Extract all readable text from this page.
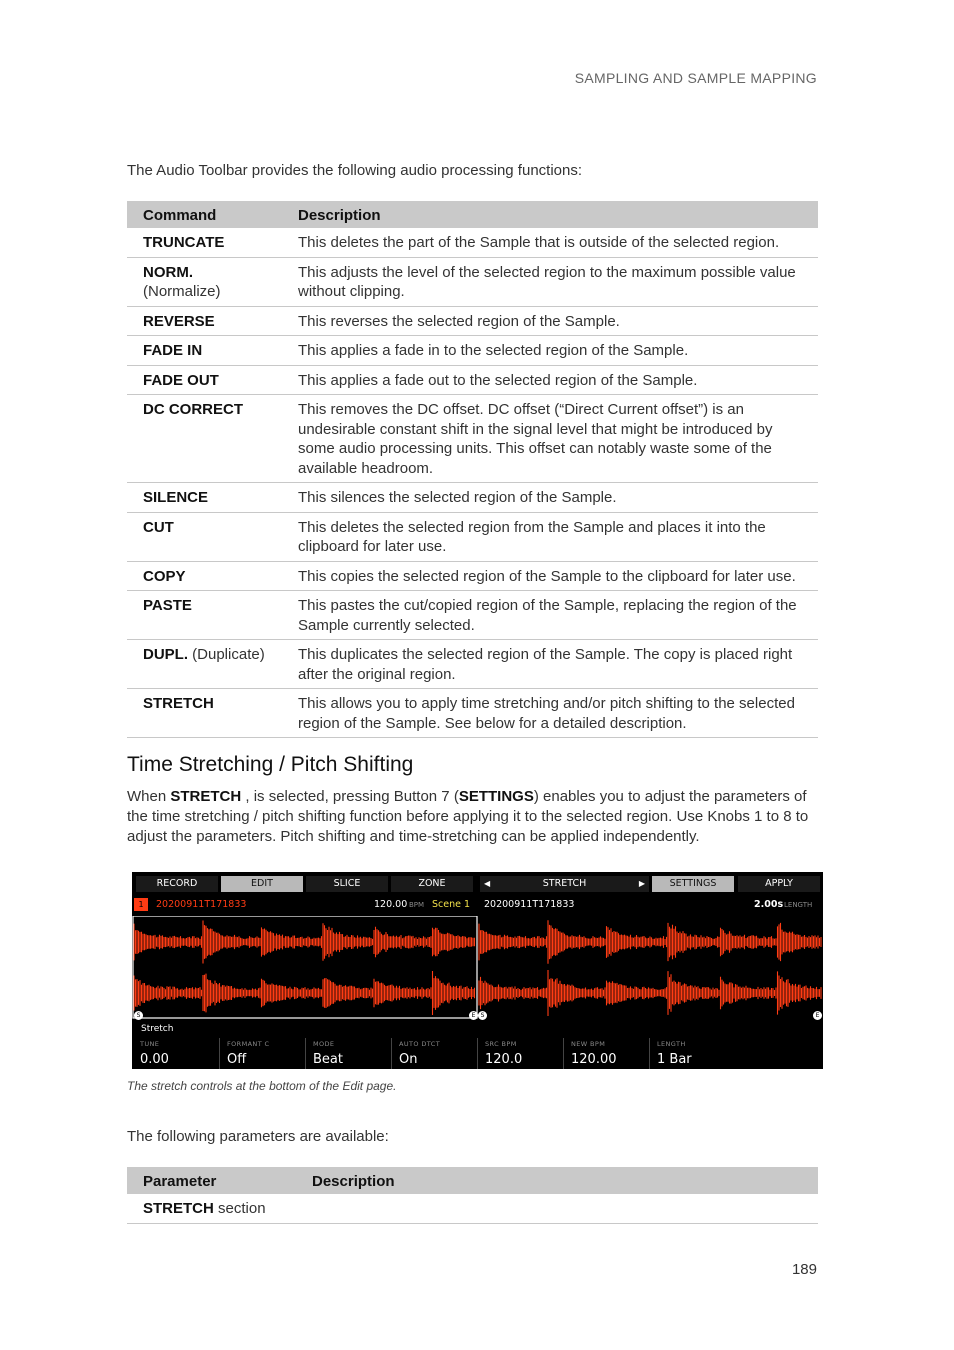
SAMPLING AND SAMPLE MAPPING
The Audio Toolbar provides the following audio processing functions:
Command	Description
TRUNCATE	This deletes the part of the Sample that is outside of the selected region.
NORM.
(Normalize)	This adjusts the level of the selected region to the maximum possible value without clipping.
REVERSE	This reverses the selected region of the Sample.
FADE IN	This applies a fade in to the selected region of the Sample.
FADE OUT	This applies a fade out to the selected region of the Sample.
DC CORRECT	This removes the DC offset. DC offset (“Direct Current offset”) is an undesirable constant shift in the signal level that might be introduced by some audio processing units. This offset can notably waste some of the available headroom.
SILENCE	This silences the selected region of the Sample.
CUT	This deletes the selected region from the Sample and places it into the clipboard for later use.
COPY	This copies the selected region of the Sample to the clipboard for later use.
PASTE	This pastes the cut/copied region of the Sample, replacing the region of the Sample currently selected.
DUPL. (Duplicate)	This duplicates the selected region of the Sample. The copy is placed right after the original region.
STRETCH	This allows you to apply time stretching and/or pitch shifting to the selected region of the Sample. See below for a detailed description.
Time Stretching / Pitch Shifting
When STRETCH , is selected, pressing Button 7 (SETTINGS) enables you to adjust the parameters of the time stretching / pitch shifting function before applying it to the selected region. Use Knobs 1 to 8 to adjust the parameters. Pitch shifting and time-stretching can be applied independently.
RECORD	EDIT	SLICE	ZONE	◀	STRETCH	▶	SETTINGS	APPLY
1	20200911T171833	120.00 BPM Scene 1 20200911T171833	2.00s LENGTH
S	E S	E
Stretch
TUNE
0.00
FORMANT C
Off
MODE
Beat
AUTO DTCT
On
SRC BPM
120.0
NEW BPM
120.00
LENGTH
1 Bar
The stretch controls at the bottom of the Edit page.
The following parameters are available:
Parameter	Description
STRETCH section	
189
